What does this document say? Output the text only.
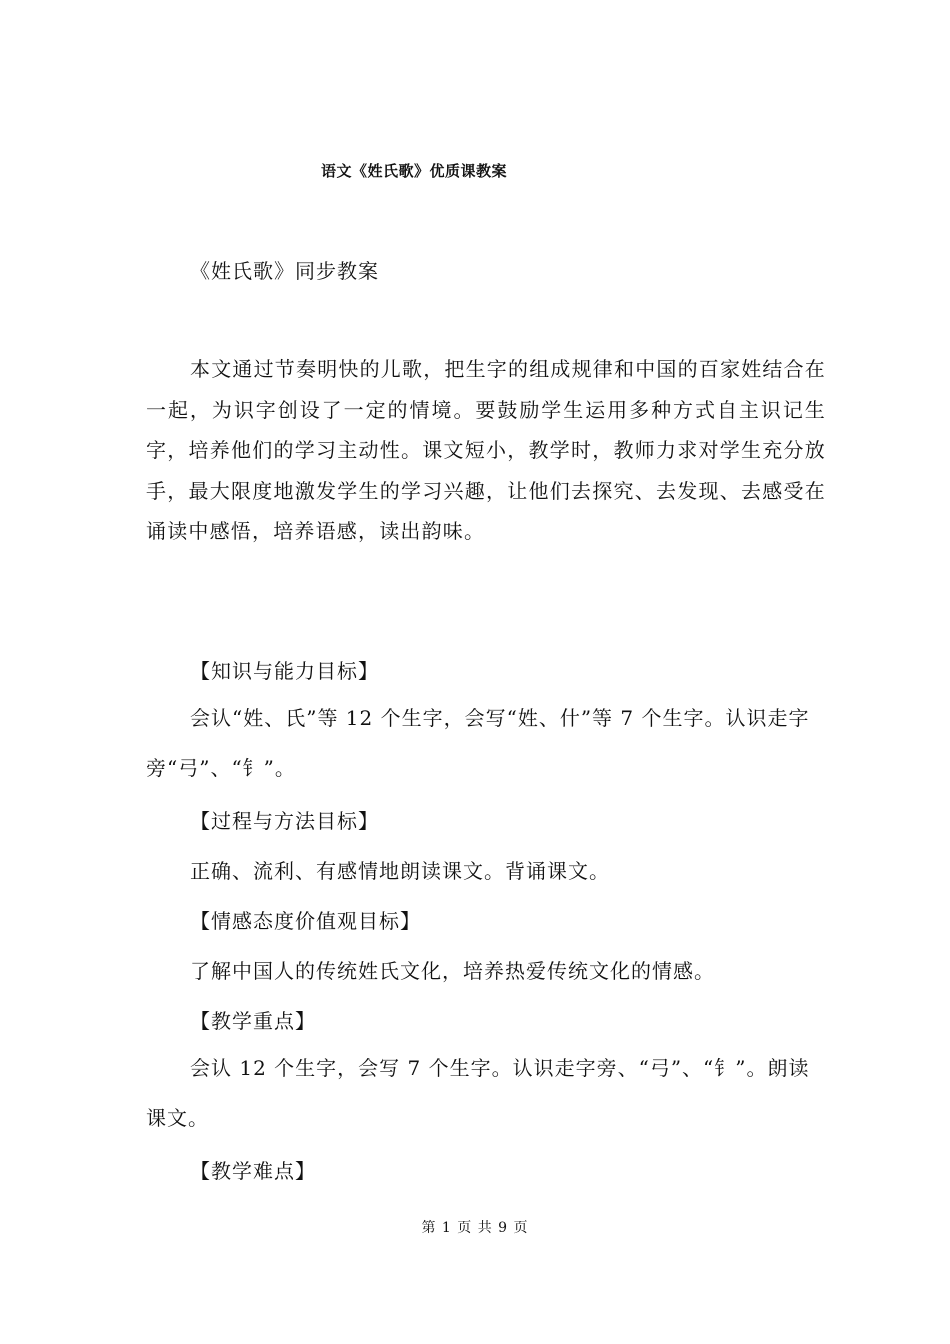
语文《姓氏歌》优质课教案
《姓氏歌》同步教案

本文通过节奏明快的儿歌，把生字的组成规律和中国的百家姓结合在一起，为识字创设了一定的情境。要鼓励学生运用多种方式自主识记生字，培养他们的学习主动性。课文短小，教学时，教师力求对学生充分放手，最大限度地激发学生的学习兴趣，让他们去探究、去发现、去感受在诵读中感悟，培养语感，读出韵味。

【知识与能力目标】

会认“姓、氏”等 12 个生字，会写“姓、什”等 7 个生字。认识走字旁“弓”、“钅”。

【过程与方法目标】
正确、流利、有感情地朗读课文。背诵课文。
【情感态度价值观目标】
了解中国人的传统姓氏文化，培养热爱传统文化的情感。
【教学重点】

会认 12 个生字，会写 7 个生字。认识走字旁、“弓”、“钅”。朗读课文。

【教学难点】
第 1 页 共 9 页
